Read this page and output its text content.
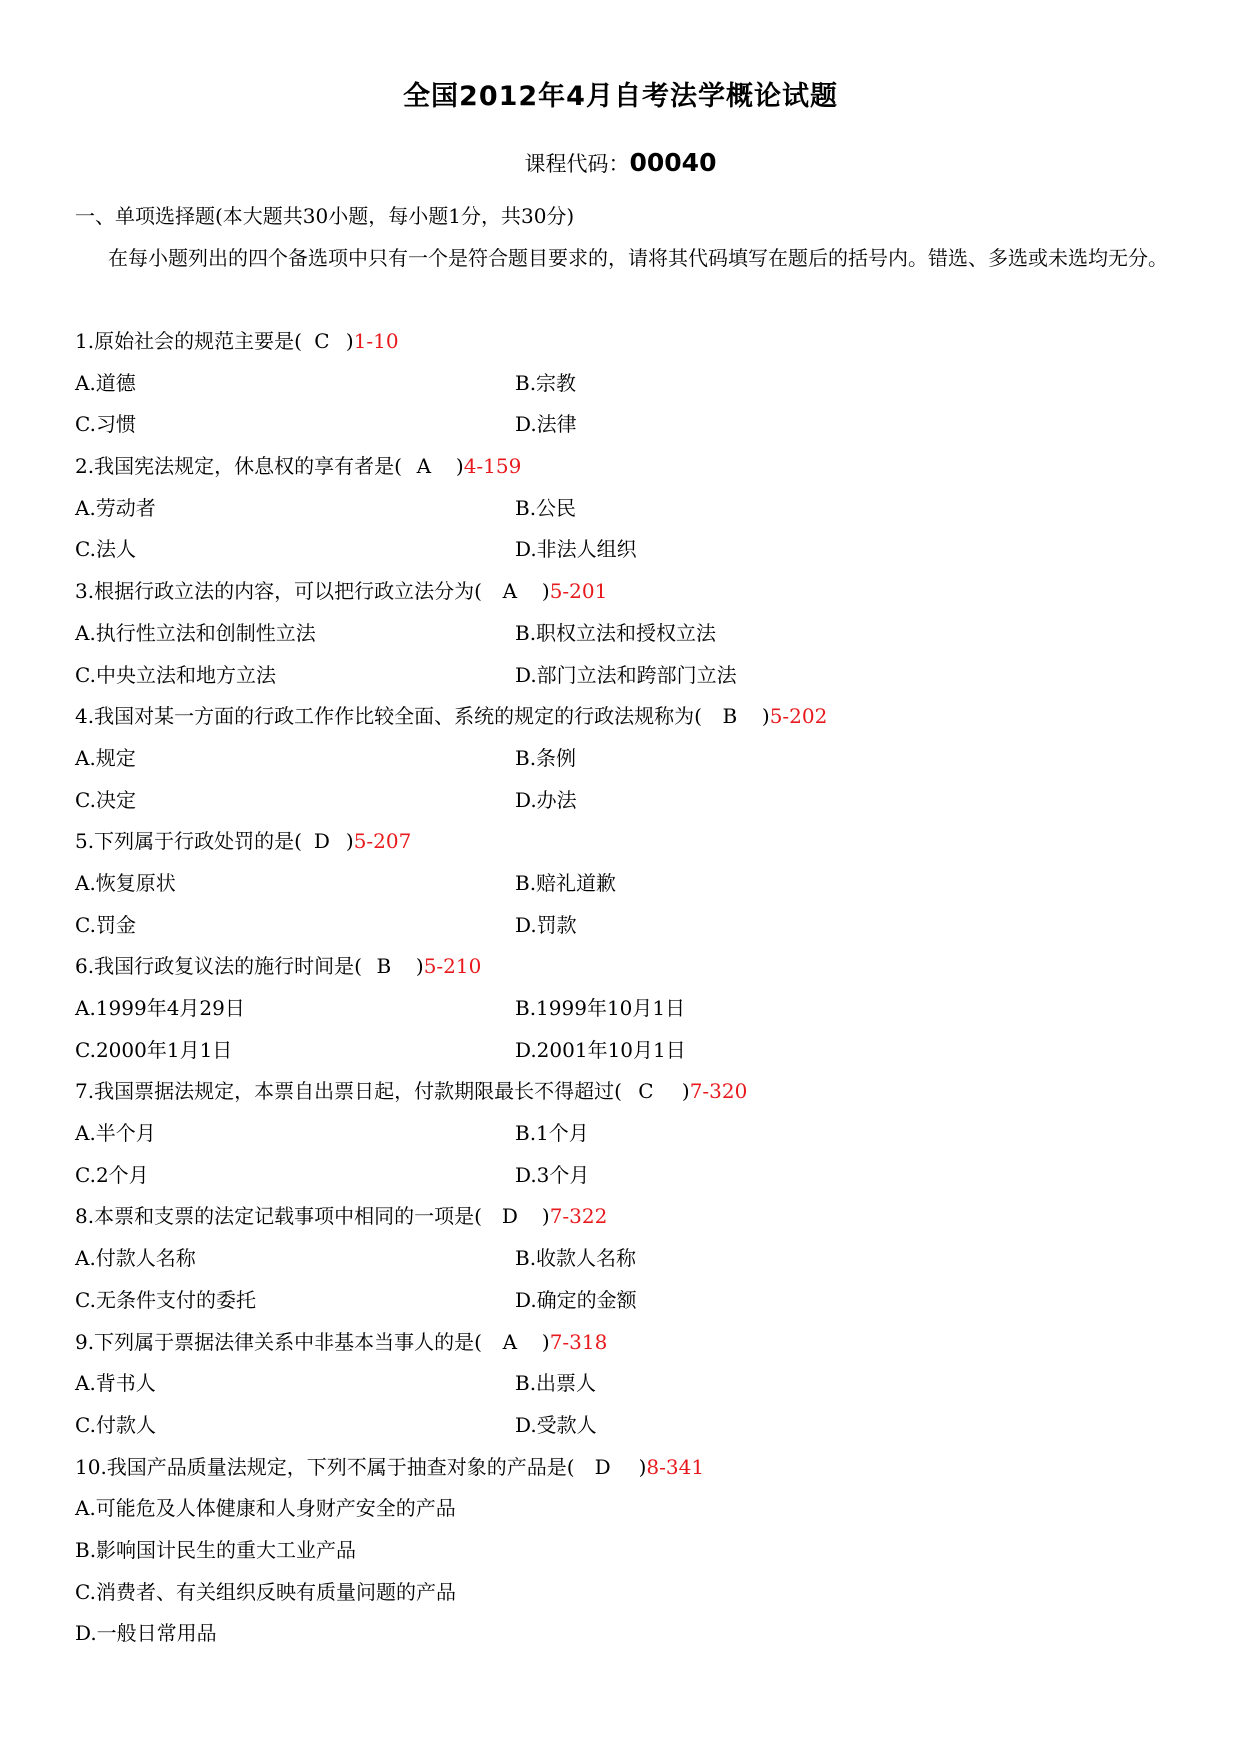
全国2012年4月自考法学概论试题
课程代码：00040
一、单项选择题(本大题共30小题，每小题1分，共30分)
在每小题列出的四个备选项中只有一个是符合题目要求的，请将其代码填写在题后的括号内。错选、多选或未选均无分。
1.原始社会的规范主要是( C )1-10
A.道德	B.宗教
C.习惯	D.法律
2.我国宪法规定，休息权的享有者是( A )4-159
A.劳动者	B.公民
C.法人	D.非法人组织
3.根据行政立法的内容，可以把行政立法分为( A )5-201
A.执行性立法和创制性立法	B.职权立法和授权立法
C.中央立法和地方立法	D.部门立法和跨部门立法
4.我国对某一方面的行政工作作比较全面、系统的规定的行政法规称为( B )5-202
A.规定	B.条例
C.决定	D.办法
5.下列属于行政处罚的是( D )5-207
A.恢复原状	B.赔礼道歉
C.罚金	D.罚款
6.我国行政复议法的施行时间是( B )5-210
A.1999年4月29日	B.1999年10月1日
C.2000年1月1日	D.2001年10月1日
7.我国票据法规定，本票自出票日起，付款期限最长不得超过( C )7-320
A.半个月	B.1个月
C.2个月	D.3个月
8.本票和支票的法定记载事项中相同的一项是( D )7-322
A.付款人名称	B.收款人名称
C.无条件支付的委托	D.确定的金额
9.下列属于票据法律关系中非基本当事人的是( A )7-318
A.背书人	B.出票人
C.付款人	D.受款人
10.我国产品质量法规定，下列不属于抽查对象的产品是( D )8-341
A.可能危及人体健康和人身财产安全的产品
B.影响国计民生的重大工业产品
C.消费者、有关组织反映有质量问题的产品
D.一般日常用品
